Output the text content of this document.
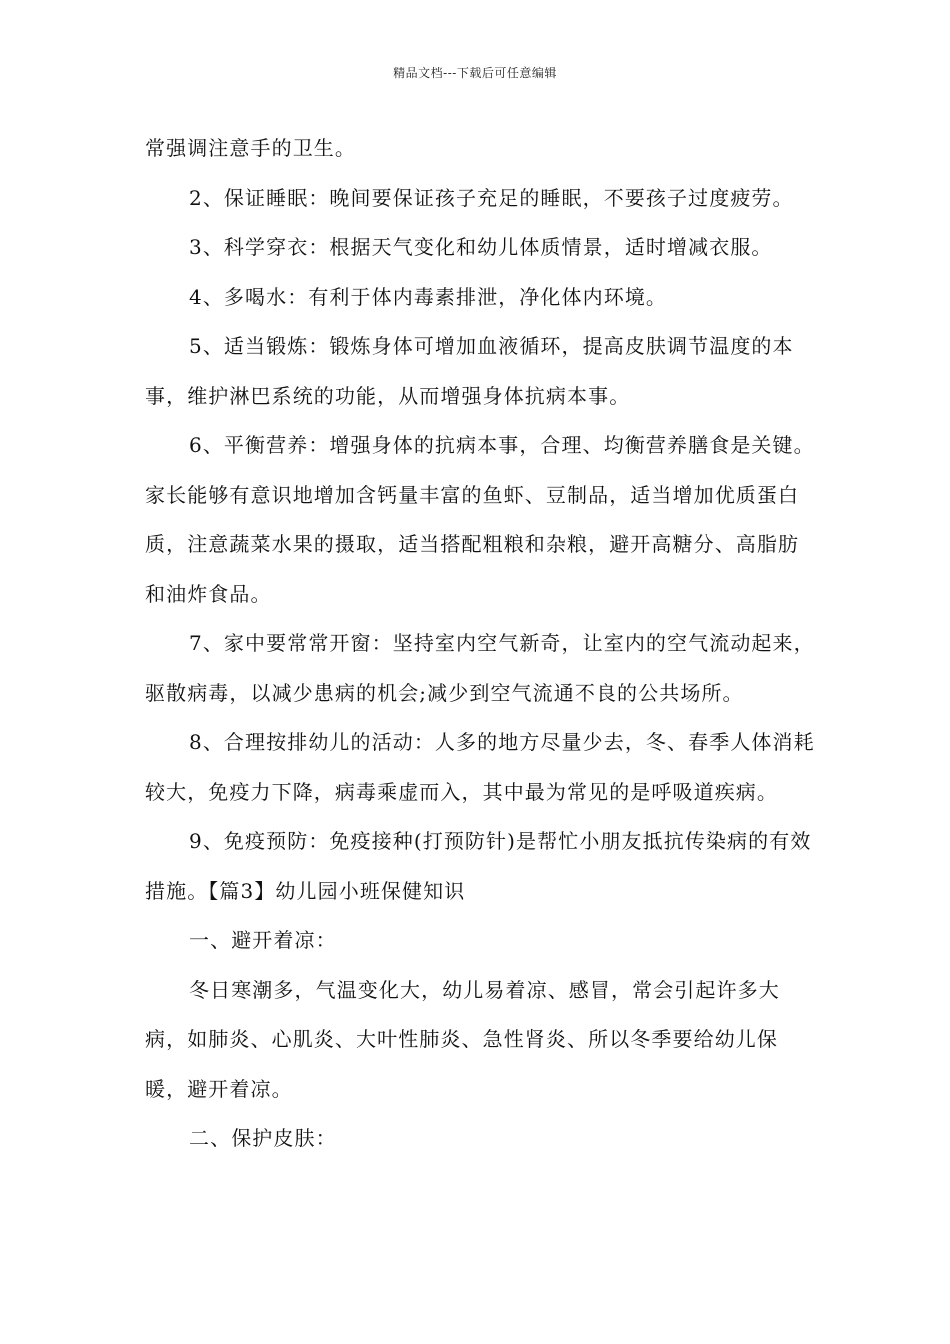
精品文档---下载后可任意编辑

常强调注意手的卫生。

2、保证睡眠：晚间要保证孩子充足的睡眠，不要孩子过度疲劳。

3、科学穿衣：根据天气变化和幼儿体质情景，适时增减衣服。

4、多喝水：有利于体内毒素排泄，净化体内环境。

5、适当锻炼：锻炼身体可增加血液循环，提高皮肤调节温度的本事，维护淋巴系统的功能，从而增强身体抗病本事。

6、平衡营养：增强身体的抗病本事，合理、均衡营养膳食是关键。家长能够有意识地增加含钙量丰富的鱼虾、豆制品，适当增加优质蛋白质，注意蔬菜水果的摄取，适当搭配粗粮和杂粮，避开高糖分、高脂肪和油炸食品。

7、家中要常常开窗：坚持室内空气新奇，让室内的空气流动起来，驱散病毒，以减少患病的机会;减少到空气流通不良的公共场所。

8、合理按排幼儿的活动：人多的地方尽量少去，冬、春季人体消耗较大，免疫力下降，病毒乘虚而入，其中最为常见的是呼吸道疾病。

9、免疫预防：免疫接种(打预防针)是帮忙小朋友抵抗传染病的有效措施。【篇3】幼儿园小班保健知识

一、避开着凉：

冬日寒潮多，气温变化大，幼儿易着凉、感冒，常会引起许多大病，如肺炎、心肌炎、大叶性肺炎、急性肾炎、所以冬季要给幼儿保暖，避开着凉。

二、保护皮肤：
